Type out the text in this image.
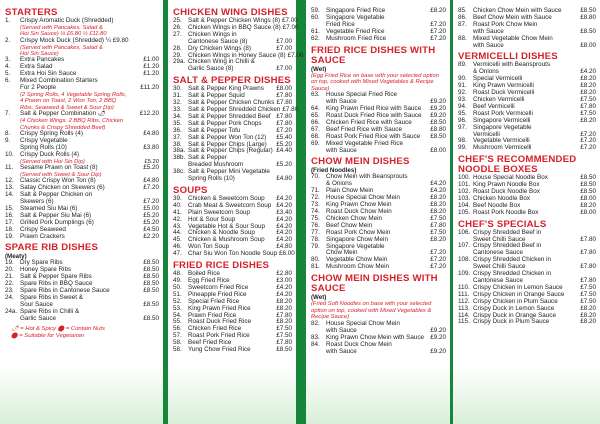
STARTERS
1.	Crispy Aromatic Duck (Shredded)
(Served with Pancakes, Salad &
Hoi Sin Sauce) ¼ £6.80 ½ £11.80
2.	Crispy Mock Duck (Shredded) ¼ £9.80
(Served with Pancakes, Salad &
Hoi Sin Sauce)
3.	Extra Pancakes	£1.00
4.	Extra Salad	£1.20
5.	Extra Hoi Sin Sauce	£1.20
6.	Mixed Combination Starters
For 2 People	£11.20
(2 Spring Rolls, 4 Vegetable Spring Rolls,
4 Prawn on Toast, 2 Won Ton, 2 BBQ
Ribs, Seaweed & Sweet & Sour Dip)
7.	Salt & Pepper Combination 🌶	£12.20
(4 Chicken Wings, 2 BBQ Ribs, Chicken
Chunks & Crispy Shredded Beef)
8.	Crispy Spring Rolls (4)	£4.80
9.	Crispy Vegetable
Spring Rolls (10)	£3.80
10. Crispy Duck Rolls (4)
(Served with Hoi Sin Dip)	£5.20
11.	Sesame Prawn on Toast (8)	£5.20
(Served with Sweet & Sour Dip)
12. Classic Crispy Won Ton (8)	£4.80
13. Satay Chicken on Skewers (6)	£7.20
14. Salt & Pepper Chicken on
Skewers (6)	£7.20
15. Steamed Siu Mai (6)	£5.00
16. Salt & Pepper Siu Mai (6)	£5.20
17. Grilled Pork Dumplings (6)	£5.20
18. Crispy Seaweed	£4.50
19. Prawn Crackers	£2.20
SPARE RIB DISHES
(Meaty)
19. Dry Spare Ribs	£8.50
20. Honey Spare Ribs	£8.50
21. Salt & Pepper Spare Ribs	£8.50
22. Spare Ribs in BBQ Sauce	£8.50
23. Spare Ribs in Cantonese Sauce	£8.50
24. Spare Ribs in Sweet &
Sour Sauce	£8.50
24a. Spare Ribs in Chilli &
Garlic Sauce	£8.50
🌶 = Hot & Spicy ⬤ = Contain Nuts
⬤ = Suitable for Vegetarian
CHICKEN WING DISHES
25. Salt & Pepper Chicken Wings (8) £7.00
26. Chicken Wings in BBQ Sauce (8) £7.00
27. Chicken Wings in
Cantonese Sauce (8)	£7.00
28. Dry Chicken Wings (8)	£7.00
29. Chicken Wings in Honey Sauce (8) £7.00
29a. Chicken Wing in Chilli &
Garlic Sauce (8)	£7.00
SALT & PEPPER DISHES
30. Salt & Pepper King Prawns	£8.00
31. Salt & Pepper Squid	£7.80
32. Salt & Pepper Chicken Chunks £7.80
33. Salt & Pepper Shredded Chicken £7.80
34. Salt & Pepper Shredded Beef £7.80
35. Salt & Pepper Pork Chops	£7.80
36. Salt & Pepper Tofu	£7.20
37. Salt & Pepper Won Ton (12)	£5.40
38. Salt & Pepper Chips (Large)	£5.20
38a. Salt & Pepper Chips (Regular) £4.40
38b. Salt & Pepper
Breaded Mushroom	£5.20
38c. Salt & Pepper Mini Vegetable
Spring Rolls (10)	£4.80
SOUPS
39. Chicken & Sweetcorn Soup	£4.20
40. Crab Meat & Sweetcorn Soup £4.20
41. Plain Sweetcorn Soup	£3.40
42. Hot & Sour Soup	£4.20
43. Vegetable Hot & Sour Soup	£4.20
44. Chicken & Noodle Soup	£4.20
45. Chicken & Mushroom Soup	£4.20
46. Won Ton Soup	£4.80
47. Char Siu Won Ton Noodle Soup £6.00
FRIED RICE DISHES
48. Boiled Rice	£2.80
49. Egg Fried Rice	£3.00
50. Sweetcorn Fried Rice	£4.20
51. Pineapple Fried Rice	£4.20
52. Special Fried Rice	£8.20
53. King Prawn Fried Rice	£8.20
54. Prawn Fried Rice	£7.80
55. Roast Duck Fried Rice	£8.20
56. Chicken Fried Rice	£7.50
57. Roast Pork Fried Rice	£7.50
58. Beef Fried Rice	£7.80
58. Yung Chow Fried Rice	£8.50
59. Singapore Fried Rice	£8.20
60. Singapore Vegetable
Fried Rice	£7.20
61. Vegetable Fried Rice	£7.20
62. Mushroom Fried Rice	£7.20
FRIED RICE DISHES WITH SAUCE
(Wet)
(Egg Fried Rice on base with your selected option on top, cooked with Mixed Vegetables & Recipe Sauce)
63. House Special Fried Rice
with Sauce	£9.20
64. King Prawn Fried Rice with Sauce	£9.20
65. Roast Duck Fried Rice with Sauce	£9.20
66. Chicken Fried Rice with Sauce	£8.50
67. Beef Fried Rice with Sauce	£8.80
68. Roast Pork Fried Rice with Sauce	£8.50
69. Mixed Vegetable Fried Rice
with Sauce	£8.00
CHOW MEIN DISHES
(Fried Noodles)
70. Chow Mein with Beansprouts
& Onions	£4.20
71. Plain Chow Mein	£4.20
72. House Special Chow Mein	£8.20
73. King Prawn Chow Mein	£8.20
74. Roast Duck Chow Mein	£8.20
75. Chicken Chow Mein	£7.50
76. Beef Chow Mein	£7.80
77. Roast Pork Chow Mein	£7.50
78. Singapore Chow Mein	£8.20
79. Singapore Vegetable
Chow Mein	£7.20
80. Vegetable Chow Mein	£7.20
81. Mushroom Chow Mein	£7.20
CHOW MEIN DISHES WITH SAUCE
(Wet)
(Fried Soft Noodles on base with your selected option on top, cooked with Mixed Vegetables & Recipe Sauce)
82. House Special Chow Mein
with Sauce	£9.20
83. King Prawn Chow Mein with Sauce £9.20
84. Roast Duck Chow Mein
with Sauce	£9.20
85. Chicken Chow Mein with Sauce	£8.50
86. Beef Chow Mein with Sauce	£8.80
87. Roast Pork Chow Mein
with Sauce	£8.50
88. Mixed Vegetable Chow Mein
with Sauce	£8.00
VERMICELLI DISHES
89. Vermicelli with Beansprouts
& Onions	£4.20
90. Special Vermicelli	£8.20
91. King Prawn Vermicelli	£8.20
92. Roast Duck Vermicelli	£8.20
93. Chicken Vermicelli	£7.50
94. Beef Vermicelli	£7.80
95. Roast Pork Vermicelli	£7.50
96. Singapore Vermicelli	£8.20
97. Singapore Vegetable
Vermicelli	£7.20
98. Vegetable Vermicelli	£7.20
99. Mushroom Vermicelli	£7.20
CHEF'S RECOMMENDED NOODLE BOXES
100. House Special Noodle Box	£8.50
101. King Prawn Noodle Box	£8.50
102. Roast Duck Noodle Box	£8.50
103. Chicken Noodle Box	£8.00
104. Beef Noodle Box	£8.20
105. Roast Pork Noodle Box	£8.00
CHEF'S SPECIALS
106. Crispy Shredded Beef in
Sweet Chilli Sauce	£7.80
107. Crispy Shredded Beef in
Cantonese Sauce	£7.80
108. Crispy Shredded Chicken in
Sweet Chilli Sauce	£7.80
109. Crispy Shredded Chicken in
Cantonese Sauce	£7.80
110. Crispy Chicken in Lemon Sauce	£7.50
111. Crispy Chicken in Orange Sauce	£7.50
112. Crispy Chicken in Plum Sauce	£7.50
113. Crispy Duck in Lemon Sauce	£8.20
114. Crispy Duck in Orange Sauce	£8.20
115. Crispy Duck in Plum Sauce	£8.20
